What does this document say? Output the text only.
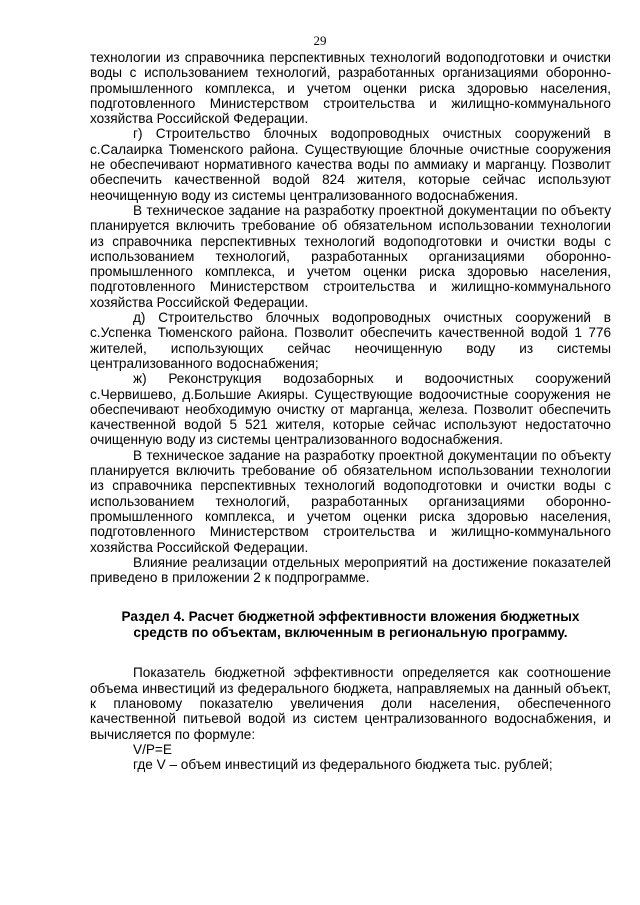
29

технологии из справочника перспективных технологий водоподготовки и очистки воды с использованием технологий, разработанных организациями оборонно-промышленного комплекса, и учетом оценки риска здоровью населения, подготовленного Министерством строительства и жилищно-коммунального хозяйства Российской Федерации.

г) Строительство блочных водопроводных очистных сооружений в с.Салаирка Тюменского района. Существующие блочные очистные сооружения не обеспечивают нормативного качества воды по аммиаку и марганцу. Позволит обеспечить качественной водой 824 жителя, которые сейчас используют неочищенную воду из системы централизованного водоснабжения.

В техническое задание на разработку проектной документации по объекту планируется включить требование об обязательном использовании технологии из справочника перспективных технологий водоподготовки и очистки воды с использованием технологий, разработанных организациями оборонно-промышленного комплекса, и учетом оценки риска здоровью населения, подготовленного Министерством строительства и жилищно-коммунального хозяйства Российской Федерации.

д) Строительство блочных водопроводных очистных сооружений в с.Успенка Тюменского района. Позволит обеспечить качественной водой 1 776 жителей, использующих сейчас неочищенную воду из системы централизованного водоснабжения;

ж) Реконструкция водозаборных и водоочистных сооружений с.Червишево, д.Большие Акияры. Существующие водоочистные сооружения не обеспечивают необходимую очистку от марганца, железа. Позволит обеспечить качественной водой 5 521 жителя, которые сейчас используют недостаточно очищенную воду из системы централизованного водоснабжения.

В техническое задание на разработку проектной документации по объекту планируется включить требование об обязательном использовании технологии из справочника перспективных технологий водоподготовки и очистки воды с использованием технологий, разработанных организациями оборонно-промышленного комплекса, и учетом оценки риска здоровью населения, подготовленного Министерством строительства и жилищно-коммунального хозяйства Российской Федерации.

Влияние реализации отдельных мероприятий на достижение показателей приведено в приложении 2 к подпрограмме.

Раздел 4. Расчет бюджетной эффективности вложения бюджетных средств по объектам, включенным в региональную программу.

Показатель бюджетной эффективности определяется как соотношение объема инвестиций из федерального бюджета, направляемых на данный объект, к плановому показателю увеличения доли населения, обеспеченного качественной питьевой водой из систем централизованного водоснабжения, и вычисляется по формуле:

V/P=E

где V – объем инвестиций из федерального бюджета тыс. рублей;
